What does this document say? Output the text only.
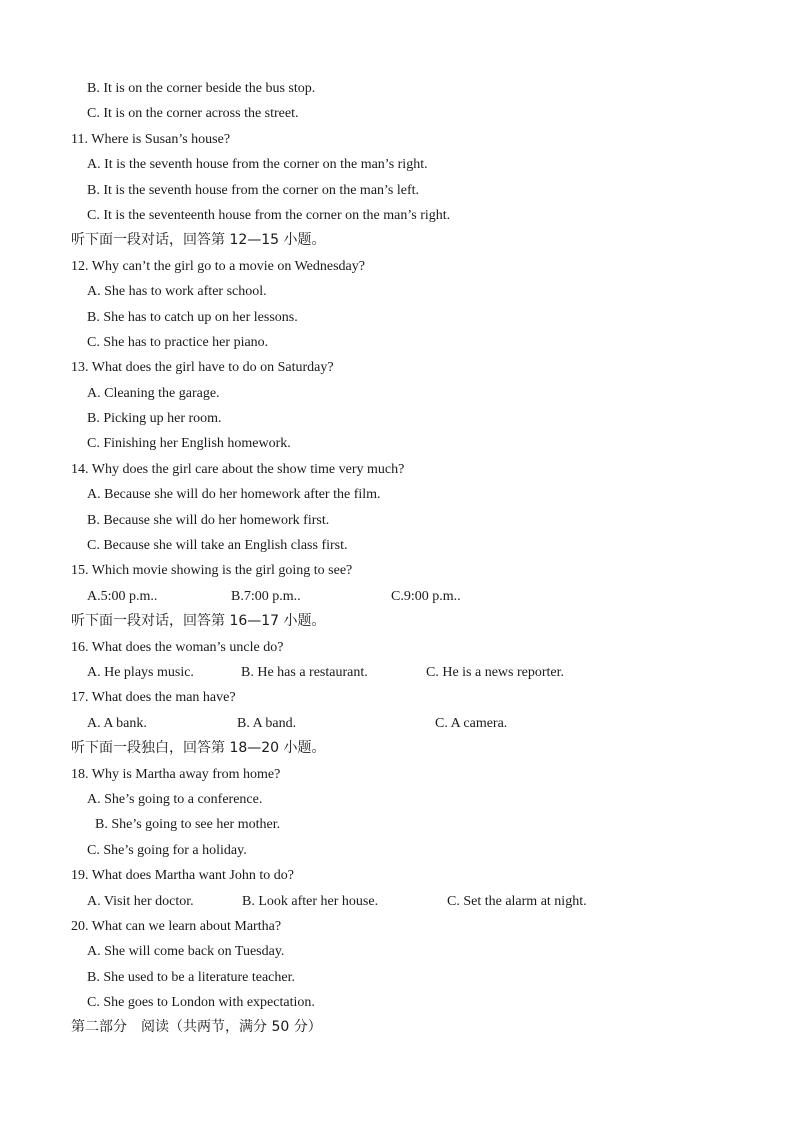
B. It is on the corner beside the bus stop.
C. It is on the corner across the street.
11. Where is Susan’s house?
A. It is the seventh house from the corner on the man’s right.
B. It is the seventh house from the corner on the man’s left.
C. It is the seventeenth house from the corner on the man’s right.
听下面一段对话，回答第 12—15 小题。
12. Why can’t the girl go to a movie on Wednesday?
A. She has to work after school.
B. She has to catch up on her lessons.
C. She has to practice her piano.
13. What does the girl have to do on Saturday?
A. Cleaning the garage.
B. Picking up her room.
C. Finishing her English homework.
14. Why does the girl care about the show time very much?
A. Because she will do her homework after the film.
B. Because she will do her homework first.
C. Because she will take an English class first.
15. Which movie showing is the girl going to see?
A.5:00 p.m..	B.7:00 p.m..	C.9:00 p.m..
听下面一段对话，回答第 16—17 小题。
16. What does the woman’s uncle do?
A. He plays music.	B. He has a restaurant.	C. He is a news reporter.
17. What does the man have?
A. A bank.	B. A band.	C. A camera.
听下面一段独白，回答第 18—20 小题。
18. Why is Martha away from home?
A. She’s going to a conference.
B. She’s going to see her mother.
C. She’s going for a holiday.
19. What does Martha want John to do?
A. Visit her doctor.	B. Look after her house.	C. Set the alarm at night.
20. What can we learn about Martha?
A. She will come back on Tuesday.
B. She used to be a literature teacher.
C. She goes to London with expectation.
第二部分　阅读（共两节，满分 50 分）
